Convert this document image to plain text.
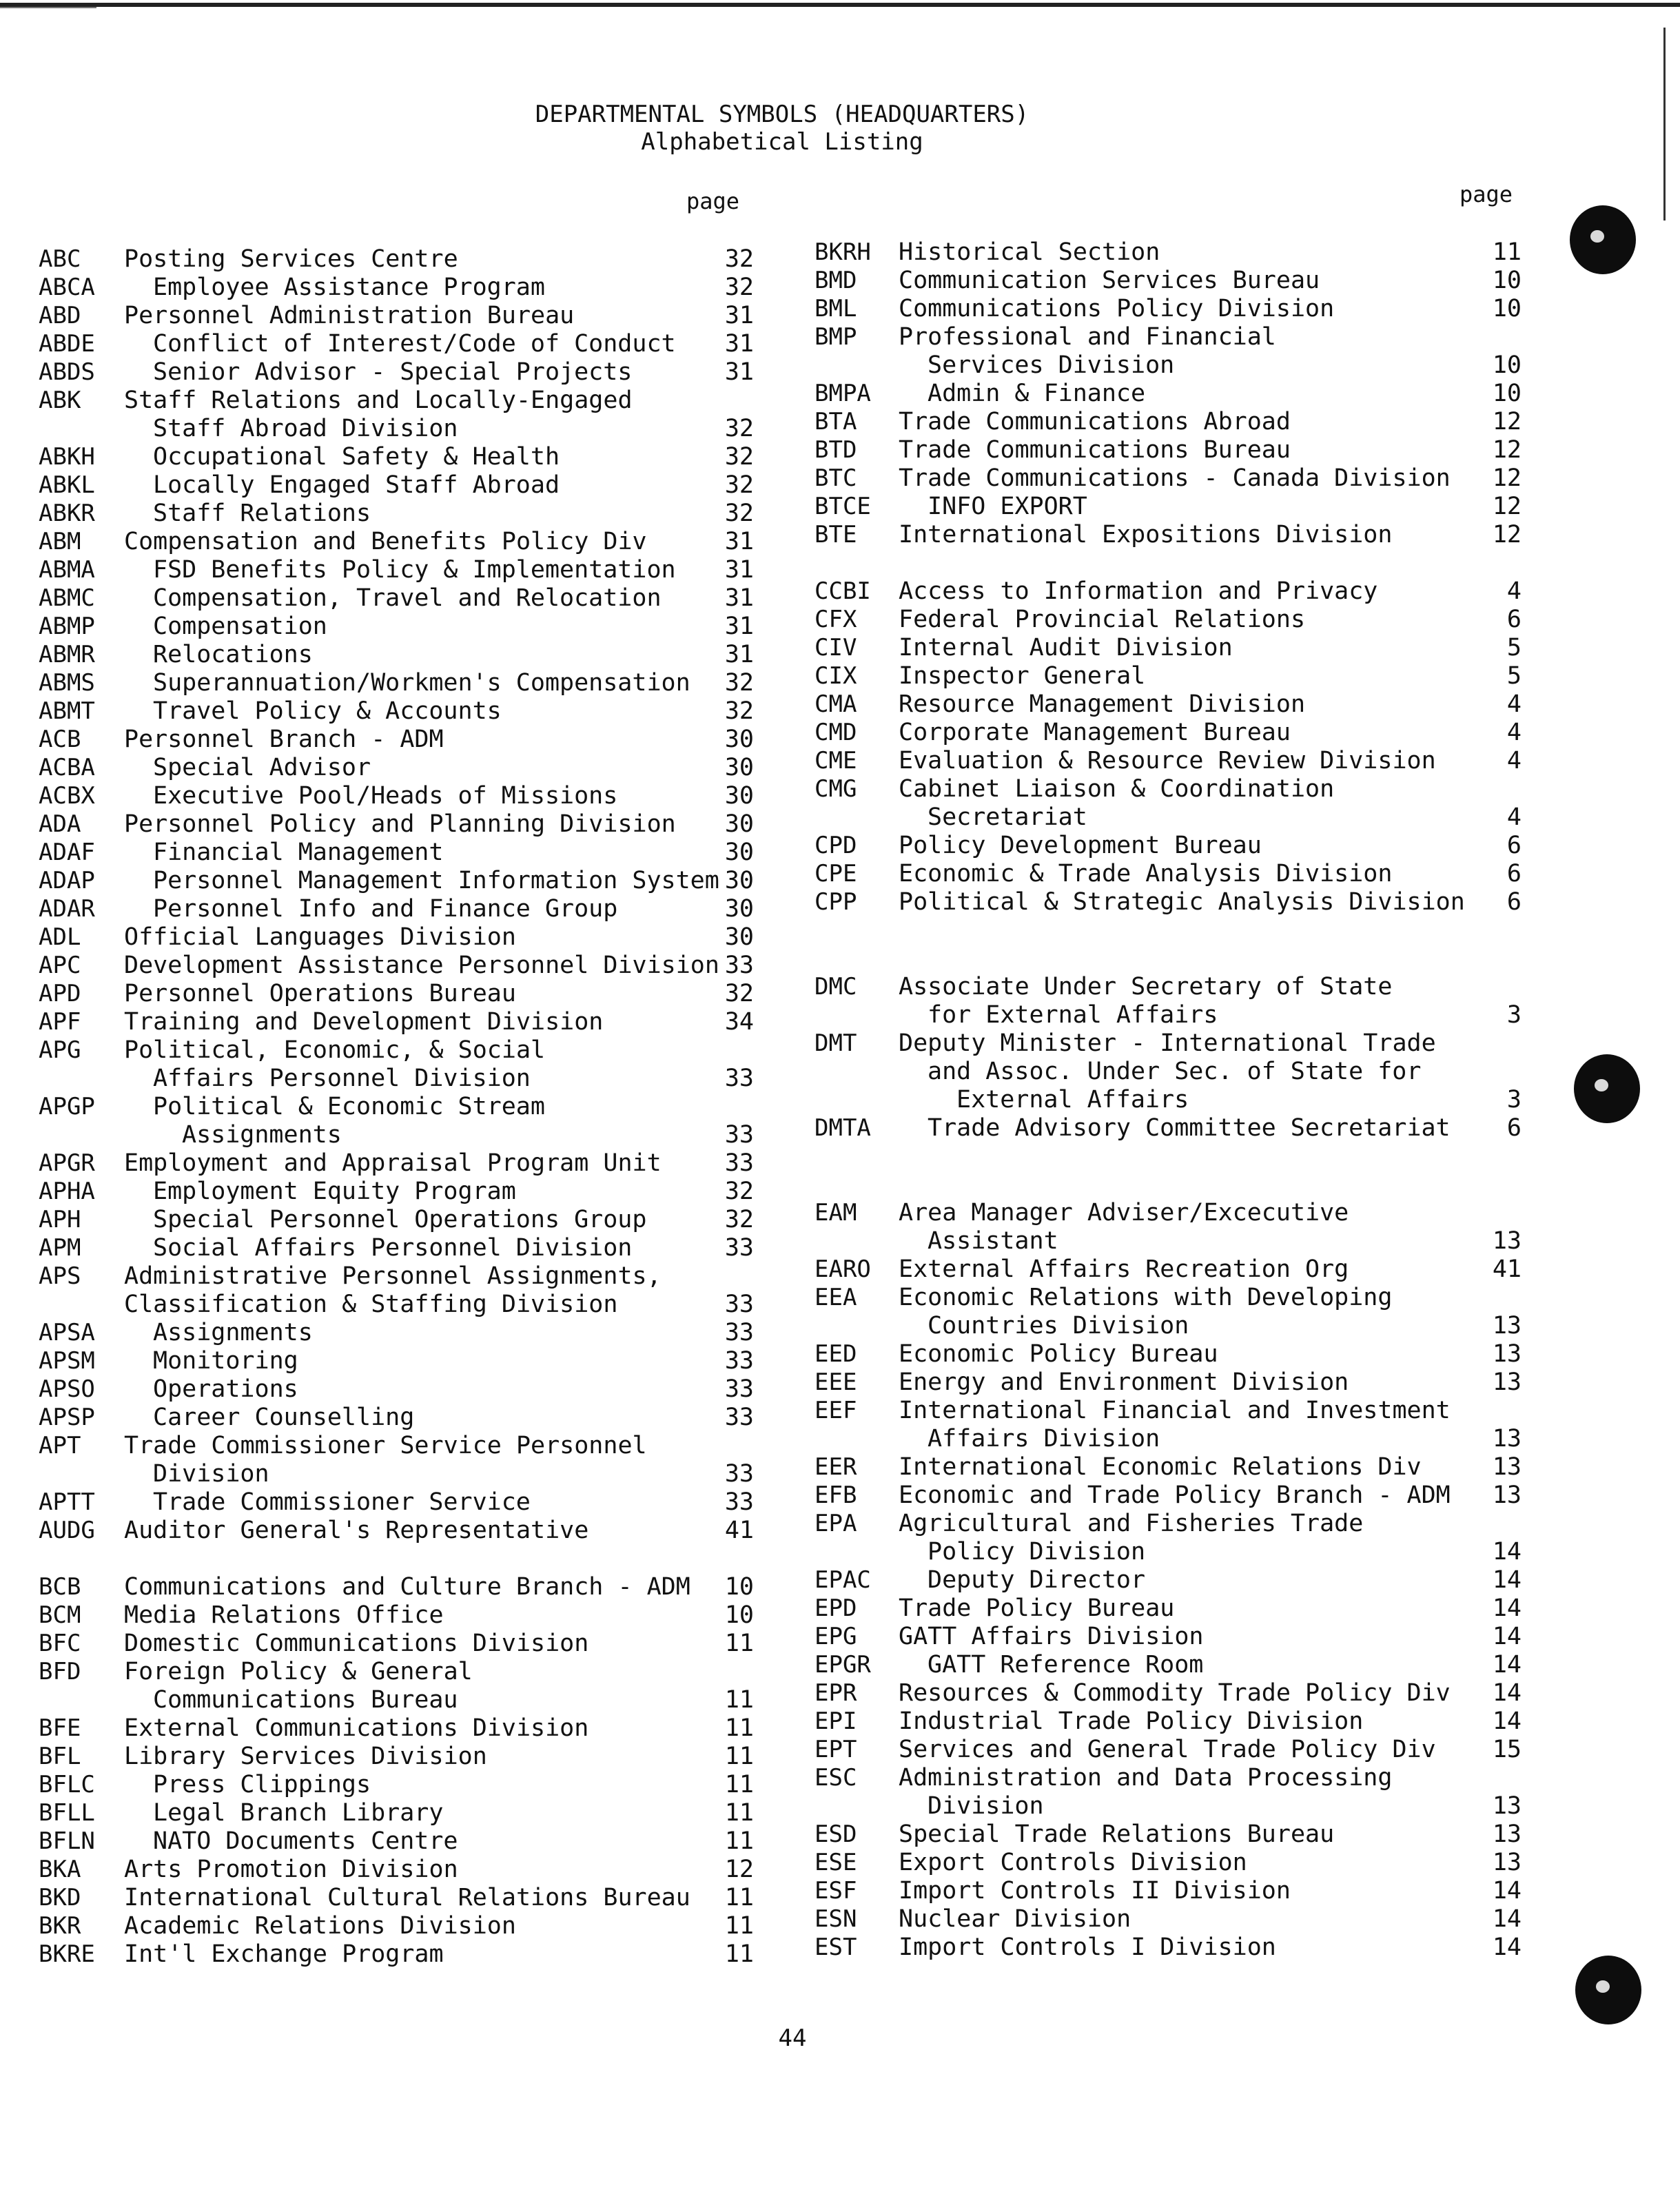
DEPARTMENTAL SYMBOLS (HEADQUARTERS)
Alphabetical Listing
page	page
ABC Posting Services Centre	32
ABCA Employee Assistance Program	32
ABD Personnel Administration Bureau	31
ABDE Conflict of Interest/Code of Conduct	31
ABDS Senior Advisor - Special Projects	31
ABK Staff Relations and Locally-Engaged
Staff Abroad Division	32
ABKH Occupational Safety & Health	32
ABKL Locally Engaged Staff Abroad	32
ABKR Staff Relations	32
ABM Compensation and Benefits Policy Div	31
ABMA FSD Benefits Policy & Implementation	31
ABMC Compensation, Travel and Relocation	31
ABMP Compensation	31
ABMR Relocations	31
ABMS Superannuation/Workmen's Compensation	32
ABMT Travel Policy & Accounts	32
ACB Personnel Branch - ADM	30
ACBA Special Advisor	30
ACBX Executive Pool/Heads of Missions	30
ADA Personnel Policy and Planning Division	30
ADAF Financial Management	30
ADAP Personnel Management Information System 30
ADAR Personnel Info and Finance Group	30
ADL Official Languages Division	30
APC Development Assistance Personnel Division 33
APD Personnel Operations Bureau	32
APF Training and Development Division	34
APG Political, Economic, & Social
Affairs Personnel Division	33
APGP Political & Economic Stream
Assignments	33
APGR Employment and Appraisal Program Unit	33
APHA Employment Equity Program	32
APH	Special Personnel Operations Group	32
APM	Social Affairs Personnel Division	33
APS Administrative Personnel Assignments,
Classification & Staffing Division	33
APSA Assignments	33
APSM Monitoring	33
APSO Operations	33
APSP Career Counselling	33
APT Trade Commissioner Service Personnel
Division	33
APTT Trade Commissioner Service	33
AUDG Auditor General's Representative	41
BCB Communications and Culture Branch - ADM	10
BCM Media Relations Office	10
BFC Domestic Communications Division	11
BFD Foreign Policy & General
Communications Bureau	11
BFE External Communications Division	11
BFL Library Services Division	11
BFLC Press Clippings	11
BFLL Legal Branch Library	11
BFLN NATO Documents Centre	11
BKA Arts Promotion Division	12
BKD International Cultural Relations Bureau	11
BKR Academic Relations Division	11
BKRE Int'l Exchange Program	11
BKRH Historical Section	11
BMD Communication Services Bureau	10
BML Communications Policy Division	10
BMP Professional and Financial
Services Division	10
BMPA Admin & Finance	10
BTA Trade Communications Abroad	12
BTD Trade Communications Bureau	12
BTC Trade Communications - Canada Division	12
BTCE INFO EXPORT	12
BTE International Expositions Division	12
CCBI Access to Information and Privacy	4
CFX Federal Provincial Relations	6
CIV Internal Audit Division	5
CIX Inspector General	5
CMA Resource Management Division	4
CMD Corporate Management Bureau	4
CME Evaluation & Resource Review Division	4
CMG Cabinet Liaison & Coordination
Secretariat	4
CPD Policy Development Bureau	6
CPE Economic & Trade Analysis Division	6
CPP Political & Strategic Analysis Division	6
DMC Associate Under Secretary of State
for External Affairs	3
DMT Deputy Minister - International Trade
and Assoc. Under Sec. of State for
External Affairs	3
DMTA Trade Advisory Committee Secretariat	6
EAM Area Manager Adviser/Excecutive
Assistant	13
EARO External Affairs Recreation Org	41
EEA Economic Relations with Developing
Countries Division	13
EED Economic Policy Bureau	13
EEE Energy and Environment Division	13
EEF International Financial and Investment
Affairs Division	13
EER International Economic Relations Div	13
EFB Economic and Trade Policy Branch - ADM	13
EPA Agricultural and Fisheries Trade
Policy Division	14
EPAC Deputy Director	14
EPD Trade Policy Bureau	14
EPG GATT Affairs Division	14
EPGR GATT Reference Room	14
EPR Resources & Commodity Trade Policy Div	14
EPI Industrial Trade Policy Division	14
EPT Services and General Trade Policy Div	15
ESC Administration and Data Processing
Division	13
ESD Special Trade Relations Bureau	13
ESE Export Controls Division	13
ESF Import Controls II Division	14
ESN Nuclear Division	14
EST Import Controls I Division	14
44
